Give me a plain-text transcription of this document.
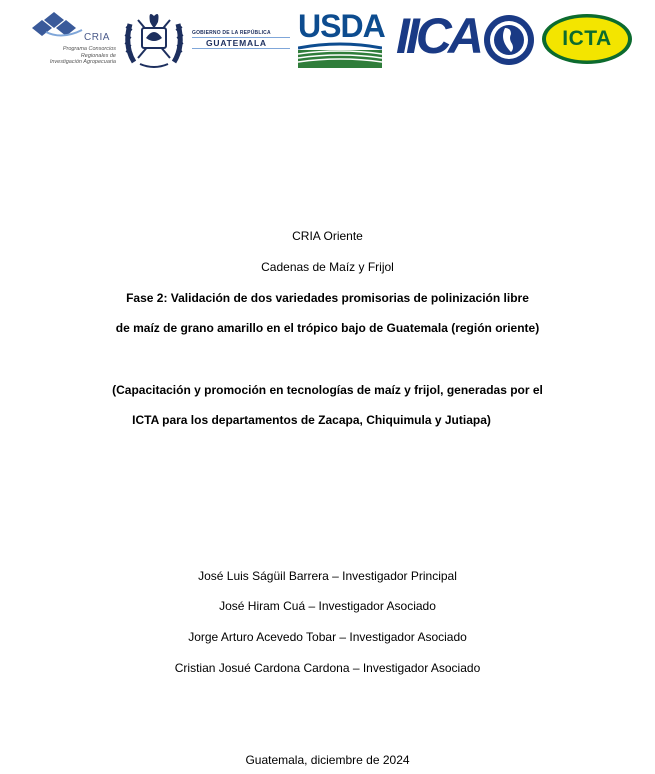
CRIA
Programa Consorcios
Regionales de
Investigación Agropecuaria
GOBIERNO DE LA REPÚBLICA
GUATEMALA USDA IICA	ICTA
CRIA Oriente
Cadenas de Maíz y Frijol
Fase 2: Validación de dos variedades promisorias de polinización libre
de maíz de grano amarillo en el trópico bajo de Guatemala (región oriente)
(Capacitación y promoción en tecnologías de maíz y frijol, generadas por el
ICTA para los departamentos de Zacapa, Chiquimula y Jutiapa)
José Luis Ságüil Barrera – Investigador Principal
José Hiram Cuá – Investigador Asociado
Jorge Arturo Acevedo Tobar – Investigador Asociado
Cristian Josué Cardona Cardona – Investigador Asociado
Guatemala, diciembre de 2024
